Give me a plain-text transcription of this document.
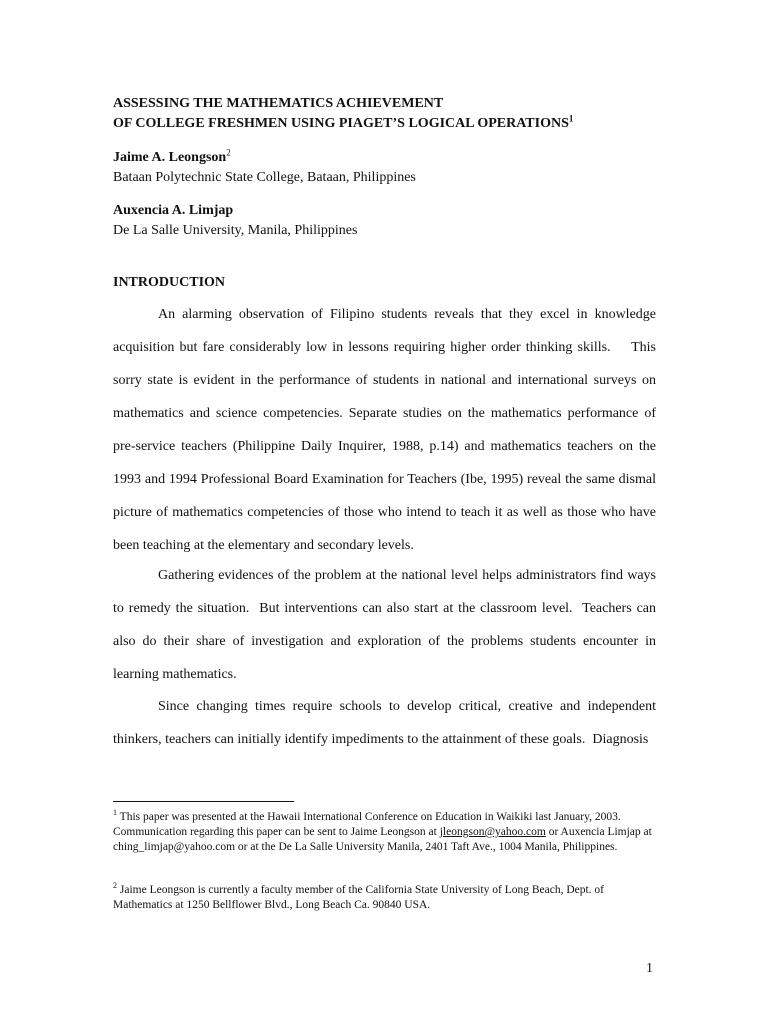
ASSESSING THE MATHEMATICS ACHIEVEMENT
OF COLLEGE FRESHMEN USING PIAGET’S LOGICAL OPERATIONS$^1$
Jaime A. Leongson$^2$
Bataan Polytechnic State College, Bataan, Philippines
Auxencia A. Limjap
De La Salle University, Manila, Philippines
INTRODUCTION

An alarming observation of Filipino students reveals that they excel in knowledge acquisition but fare considerably low in lessons requiring higher order thinking skills.    This sorry state is evident in the performance of students in national and international surveys on mathematics and science competencies. Separate studies on the mathematics performance of pre-service teachers (Philippine Daily Inquirer, 1988, p.14) and mathematics teachers on the 1993 and 1994 Professional Board Examination for Teachers (Ibe, 1995) reveal the same dismal picture of mathematics competencies of those who intend to teach it as well as those who have been teaching at the elementary and secondary levels.

Gathering evidences of the problem at the national level helps administrators find ways to remedy the situation.  But interventions can also start at the classroom level.  Teachers can also do their share of investigation and exploration of the problems students encounter in learning mathematics.

Since changing times require schools to develop critical, creative and independent thinkers, teachers can initially identify impediments to the attainment of these goals.  Diagnosis

$^1$ This paper was presented at the Hawaii International Conference on Education in Waikiki last January, 2003. Communication regarding this paper can be sent to Jaime Leongson at jleongson@yahoo.com or Auxencia Limjap at ching_limjap@yahoo.com or at the De La Salle University Manila, 2401 Taft Ave., 1004 Manila, Philippines.

$^2$ Jaime Leongson is currently a faculty member of the California State University of Long Beach, Dept. of Mathematics at 1250 Bellflower Blvd., Long Beach Ca. 90840 USA.

1
